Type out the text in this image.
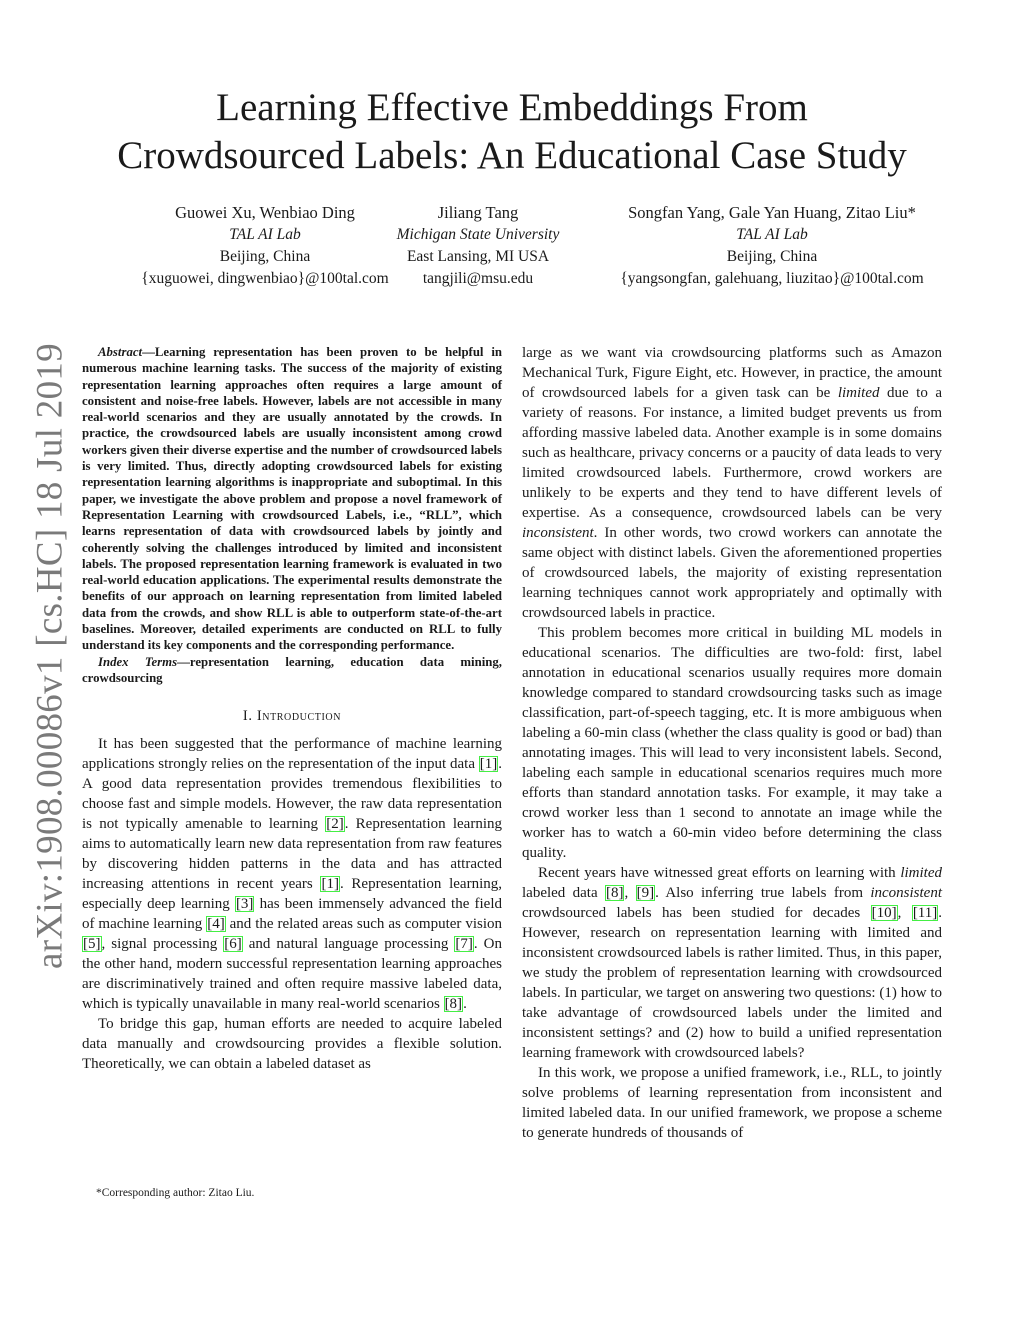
arXiv:1908.00086v1 [cs.HC] 18 Jul 2019
Learning Effective Embeddings From
Crowdsourced Labels: An Educational Case Study
Guowei Xu, Wenbiao Ding
TAL AI Lab
Beijing, China
{xuguowei, dingwenbiao}@100tal.com
Jiliang Tang
Michigan State University
East Lansing, MI USA
tangjili@msu.edu
Songfan Yang, Gale Yan Huang, Zitao Liu*
TAL AI Lab
Beijing, China
{yangsongfan, galehuang, liuzitao}@100tal.com

Abstract—Learning representation has been proven to be helpful in numerous machine learning tasks. The success of the majority of existing representation learning approaches often requires a large amount of consistent and noise-free labels. However, labels are not accessible in many real-world scenarios and they are usually annotated by the crowds. In practice, the crowdsourced labels are usually inconsistent among crowd workers given their diverse expertise and the number of crowdsourced labels is very limited. Thus, directly adopting crowdsourced labels for existing representation learning algorithms is inappropriate and suboptimal. In this paper, we investigate the above problem and propose a novel framework of Representation Learning with crowdsourced Labels, i.e., “RLL”, which learns representation of data with crowdsourced labels by jointly and coherently solving the challenges introduced by limited and inconsistent labels. The proposed representation learning framework is evaluated in two real-world education applications. The experimental results demonstrate the benefits of our approach on learning representation from limited labeled data from the crowds, and show RLL is able to outperform state-of-the-art baselines. Moreover, detailed experiments are conducted on RLL to fully understand its key components and the corresponding performance.

Index Terms—representation learning, education data mining, crowdsourcing

I. Introduction

It has been suggested that the performance of machine learning applications strongly relies on the representation of the input data [1]. A good data representation provides tremendous flexibilities to choose fast and simple models. However, the raw data representation is not typically amenable to learning [2]. Representation learning aims to automatically learn new data representation from raw features by discovering hidden patterns in the data and has attracted increasing attentions in recent years [1]. Representation learning, especially deep learning [3] has been immensely advanced the field of machine learning [4] and the related areas such as computer vision [5], signal processing [6] and natural language processing [7]. On the other hand, modern successful representation learning approaches are discriminatively trained and often require massive labeled data, which is typically unavailable in many real-world scenarios [8].

To bridge this gap, human efforts are needed to acquire labeled data manually and crowdsourcing provides a flexible solution. Theoretically, we can obtain a labeled dataset as

large as we want via crowdsourcing platforms such as Amazon Mechanical Turk, Figure Eight, etc. However, in practice, the amount of crowdsourced labels for a given task can be limited due to a variety of reasons. For instance, a limited budget prevents us from affording massive labeled data. Another example is in some domains such as healthcare, privacy concerns or a paucity of data leads to very limited crowdsourced labels. Furthermore, crowd workers are unlikely to be experts and they tend to have different levels of expertise. As a consequence, crowdsourced labels can be very inconsistent. In other words, two crowd workers can annotate the same object with distinct labels. Given the aforementioned properties of crowdsourced labels, the majority of existing representation learning techniques cannot work appropriately and optimally with crowdsourced labels in practice.

This problem becomes more critical in building ML models in educational scenarios. The difficulties are two-fold: first, label annotation in educational scenarios usually requires more domain knowledge compared to standard crowdsourcing tasks such as image classification, part-of-speech tagging, etc. It is more ambiguous when labeling a 60-min class (whether the class quality is good or bad) than annotating images. This will lead to very inconsistent labels. Second, labeling each sample in educational scenarios requires much more efforts than standard annotation tasks. For example, it may take a crowd worker less than 1 second to annotate an image while the worker has to watch a 60-min video before determining the class quality.

Recent years have witnessed great efforts on learning with limited labeled data [8], [9]. Also inferring true labels from inconsistent crowdsourced labels has been studied for decades [10], [11]. However, research on representation learning with limited and inconsistent crowdsourced labels is rather limited. Thus, in this paper, we study the problem of representation learning with crowdsourced labels. In particular, we target on answering two questions: (1) how to take advantage of crowdsourced labels under the limited and inconsistent settings? and (2) how to build a unified representation learning framework with crowdsourced labels?

In this work, we propose a unified framework, i.e., RLL, to jointly solve problems of learning representation from inconsistent and limited labeled data. In our unified framework, we propose a scheme to generate hundreds of thousands of

*Corresponding author: Zitao Liu.
